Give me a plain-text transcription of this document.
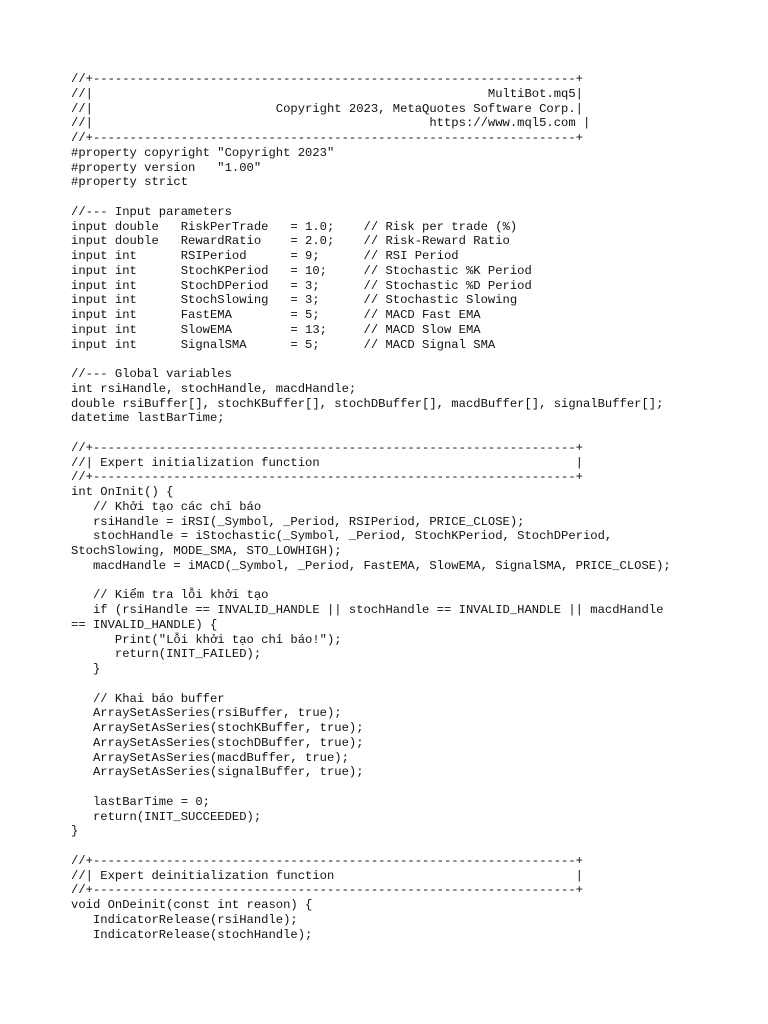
//+------------------------------------------------------------------+
//|                                                      MultiBot.mq5|
//|                         Copyright 2023, MetaQuotes Software Corp.|
//|                                              https://www.mql5.com |
//+------------------------------------------------------------------+
#property copyright "Copyright 2023"
#property version   "1.00"
#property strict
//--- Input parameters
input double   RiskPerTrade   = 1.0;    // Risk per trade (%)
input double   RewardRatio    = 2.0;    // Risk-Reward Ratio
input int      RSIPeriod      = 9;      // RSI Period
input int      StochKPeriod   = 10;     // Stochastic %K Period
input int      StochDPeriod   = 3;      // Stochastic %D Period
input int      StochSlowing   = 3;      // Stochastic Slowing
input int      FastEMA        = 5;      // MACD Fast EMA
input int      SlowEMA        = 13;     // MACD Slow EMA
input int      SignalSMA      = 5;      // MACD Signal SMA
//--- Global variables
int rsiHandle, stochHandle, macdHandle;
double rsiBuffer[], stochKBuffer[], stochDBuffer[], macdBuffer[], signalBuffer[];
datetime lastBarTime;
//+------------------------------------------------------------------+
//| Expert initialization function                                   |
//+------------------------------------------------------------------+
int OnInit() {
// Khởi tạo các chỉ báo
rsiHandle = iRSI(_Symbol, _Period, RSIPeriod, PRICE_CLOSE);
stochHandle = iStochastic(_Symbol, _Period, StochKPeriod, StochDPeriod,
StochSlowing, MODE_SMA, STO_LOWHIGH);
macdHandle = iMACD(_Symbol, _Period, FastEMA, SlowEMA, SignalSMA, PRICE_CLOSE);
// Kiểm tra lỗi khởi tạo
if (rsiHandle == INVALID_HANDLE || stochHandle == INVALID_HANDLE || macdHandle
== INVALID_HANDLE) {
Print("Lỗi khởi tạo chỉ báo!");
return(INIT_FAILED);
}
// Khai báo buffer
ArraySetAsSeries(rsiBuffer, true);
ArraySetAsSeries(stochKBuffer, true);
ArraySetAsSeries(stochDBuffer, true);
ArraySetAsSeries(macdBuffer, true);
ArraySetAsSeries(signalBuffer, true);
lastBarTime = 0;
return(INIT_SUCCEEDED);
}
//+------------------------------------------------------------------+
//| Expert deinitialization function                                 |
//+------------------------------------------------------------------+
void OnDeinit(const int reason) {
IndicatorRelease(rsiHandle);
IndicatorRelease(stochHandle);
